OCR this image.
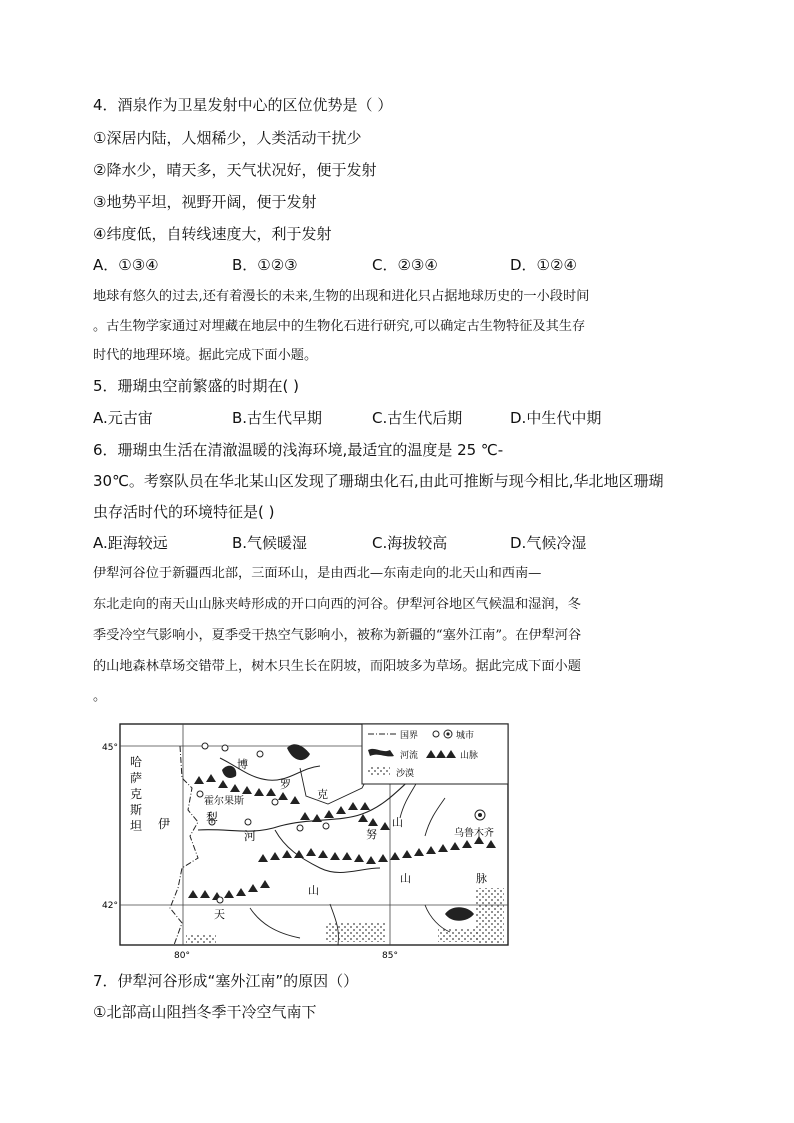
4．酒泉作为卫星发射中心的区位优势是（ ）
①深居内陆，人烟稀少，人类活动干扰少
②降水少，晴天多，天气状况好，便于发射
③地势平坦，视野开阔，便于发射
④纬度低，自转线速度大，利于发射
A．①③④	B．①②③	C．②③④	D．①②④
地球有悠久的过去,还有着漫长的未来,生物的出现和进化只占据地球历史的一小段时间
。古生物学家通过对埋藏在地层中的生物化石进行研究,可以确定古生物特征及其生存
时代的地理环境。据此完成下面小题。
5．珊瑚虫空前繁盛的时期在( )
A.元古宙	B.古生代早期	C.古生代后期	D.中生代中期
6．珊瑚虫生活在清澈温暖的浅海环境,最适宜的温度是 25 ℃-
30℃。考察队员在华北某山区发现了珊瑚虫化石,由此可推断与现今相比,华北地区珊瑚
虫存活时代的环境特征是( )
A.距海较远	B.气候暖湿	C.海拔较高	D.气候冷湿
伊犁河谷位于新疆西北部，三面环山，是由西北—东南走向的北天山和西南—
东北走向的南天山山脉夹峙形成的开口向西的河谷。伊犁河谷地区气候温和湿润，冬
季受冷空气影响小，夏季受干热空气影响小，被称为新疆的“塞外江南”。在伊犁河谷
的山地森林草场交错带上，树木只生长在阴坡，而阳坡多为草场。据此完成下面小题
。
国界	城市
河流	山脉
沙漠
45°
42°
80°	85°
哈
萨
克
斯
坦
博
罗
克
努
霍尔果斯
伊	犁
河
山
山
山	脉
天
乌鲁木齐
7．伊犁河谷形成“塞外江南”的原因（）
①北部高山阻挡冬季干冷空气南下
